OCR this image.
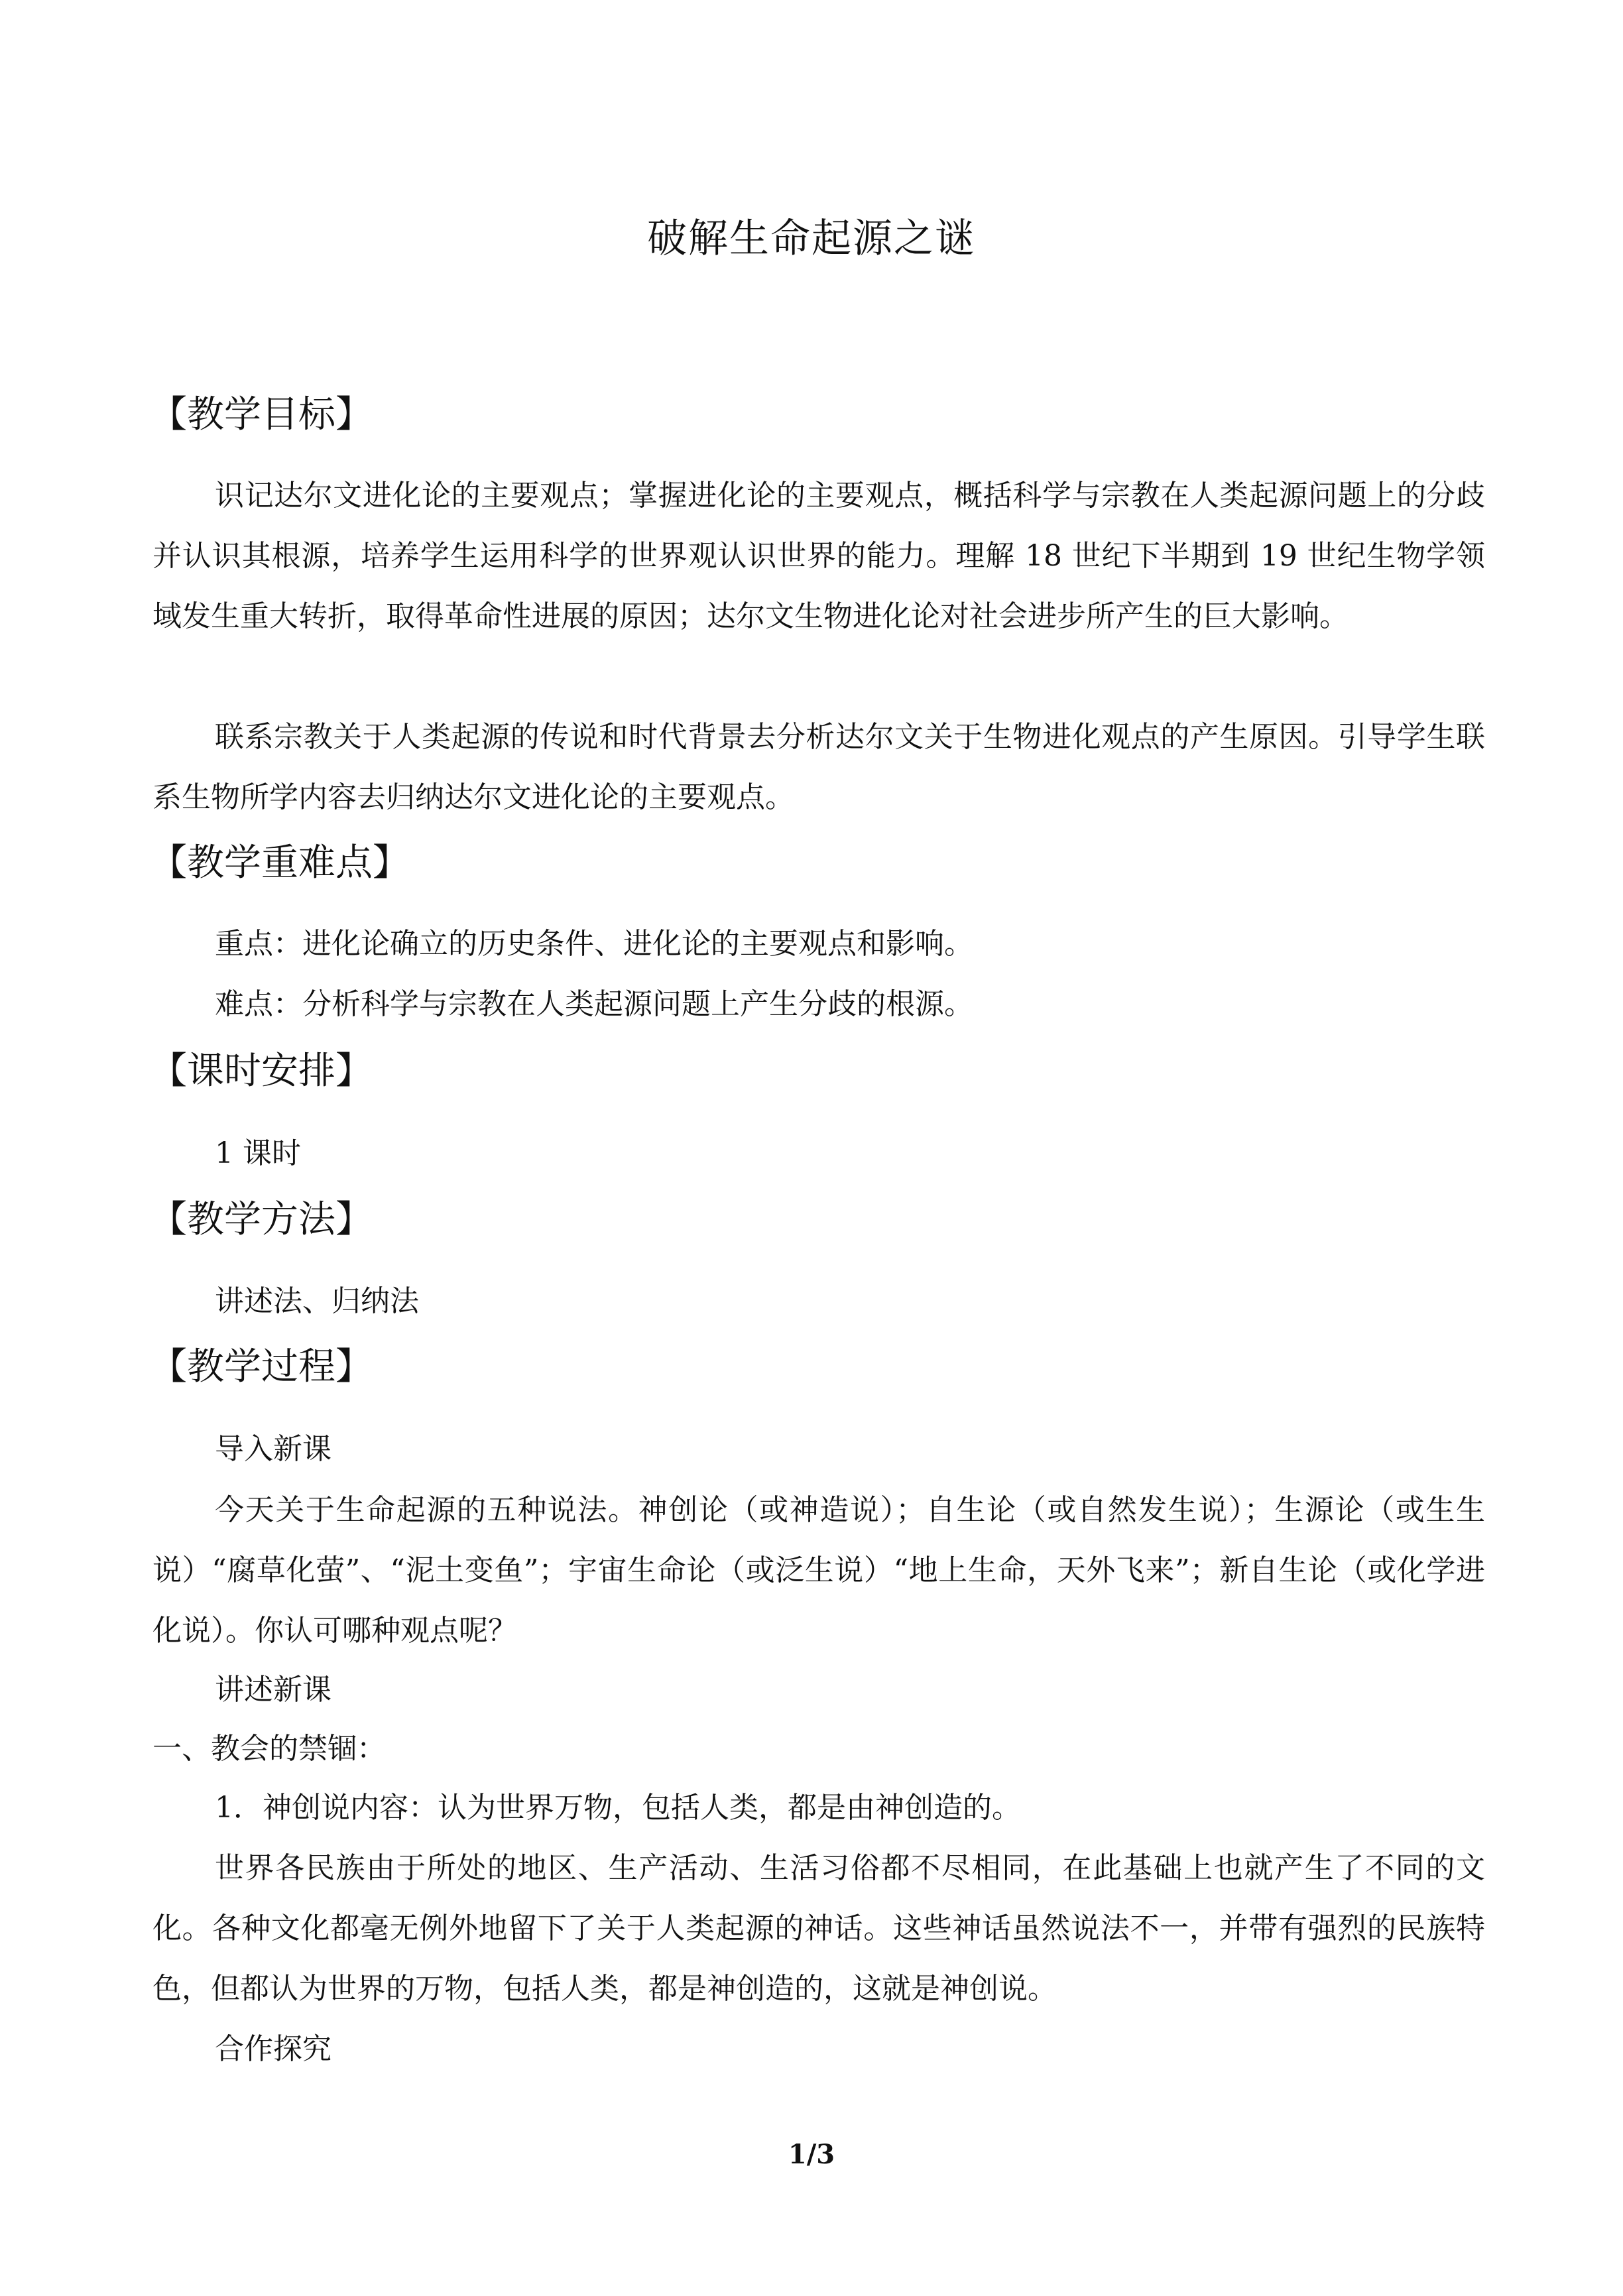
破解生命起源之谜
【教学目标】
识记达尔文进化论的主要观点；掌握进化论的主要观点，概括科学与宗教在人类起源问题上的分歧并认识其根源，培养学生运用科学的世界观认识世界的能力。理解 18 世纪下半期到 19 世纪生物学领域发生重大转折，取得革命性进展的原因；达尔文生物进化论对社会进步所产生的巨大影响。
联系宗教关于人类起源的传说和时代背景去分析达尔文关于生物进化观点的产生原因。引导学生联系生物所学内容去归纳达尔文进化论的主要观点。
【教学重难点】
重点：进化论确立的历史条件、进化论的主要观点和影响。
难点：分析科学与宗教在人类起源问题上产生分歧的根源。
【课时安排】
1 课时
【教学方法】
讲述法、归纳法
【教学过程】
导入新课
今天关于生命起源的五种说法。神创论（或神造说）；自生论（或自然发生说）；生源论（或生生说）“腐草化萤”、“泥土变鱼”；宇宙生命论（或泛生说）“地上生命，天外飞来”；新自生论（或化学进化说）。你认可哪种观点呢？
讲述新课
一、教会的禁锢：
1．神创说内容：认为世界万物，包括人类，都是由神创造的。
世界各民族由于所处的地区、生产活动、生活习俗都不尽相同，在此基础上也就产生了不同的文化。各种文化都毫无例外地留下了关于人类起源的神话。这些神话虽然说法不一，并带有强烈的民族特色，但都认为世界的万物，包括人类，都是神创造的，这就是神创说。
合作探究
1/3
